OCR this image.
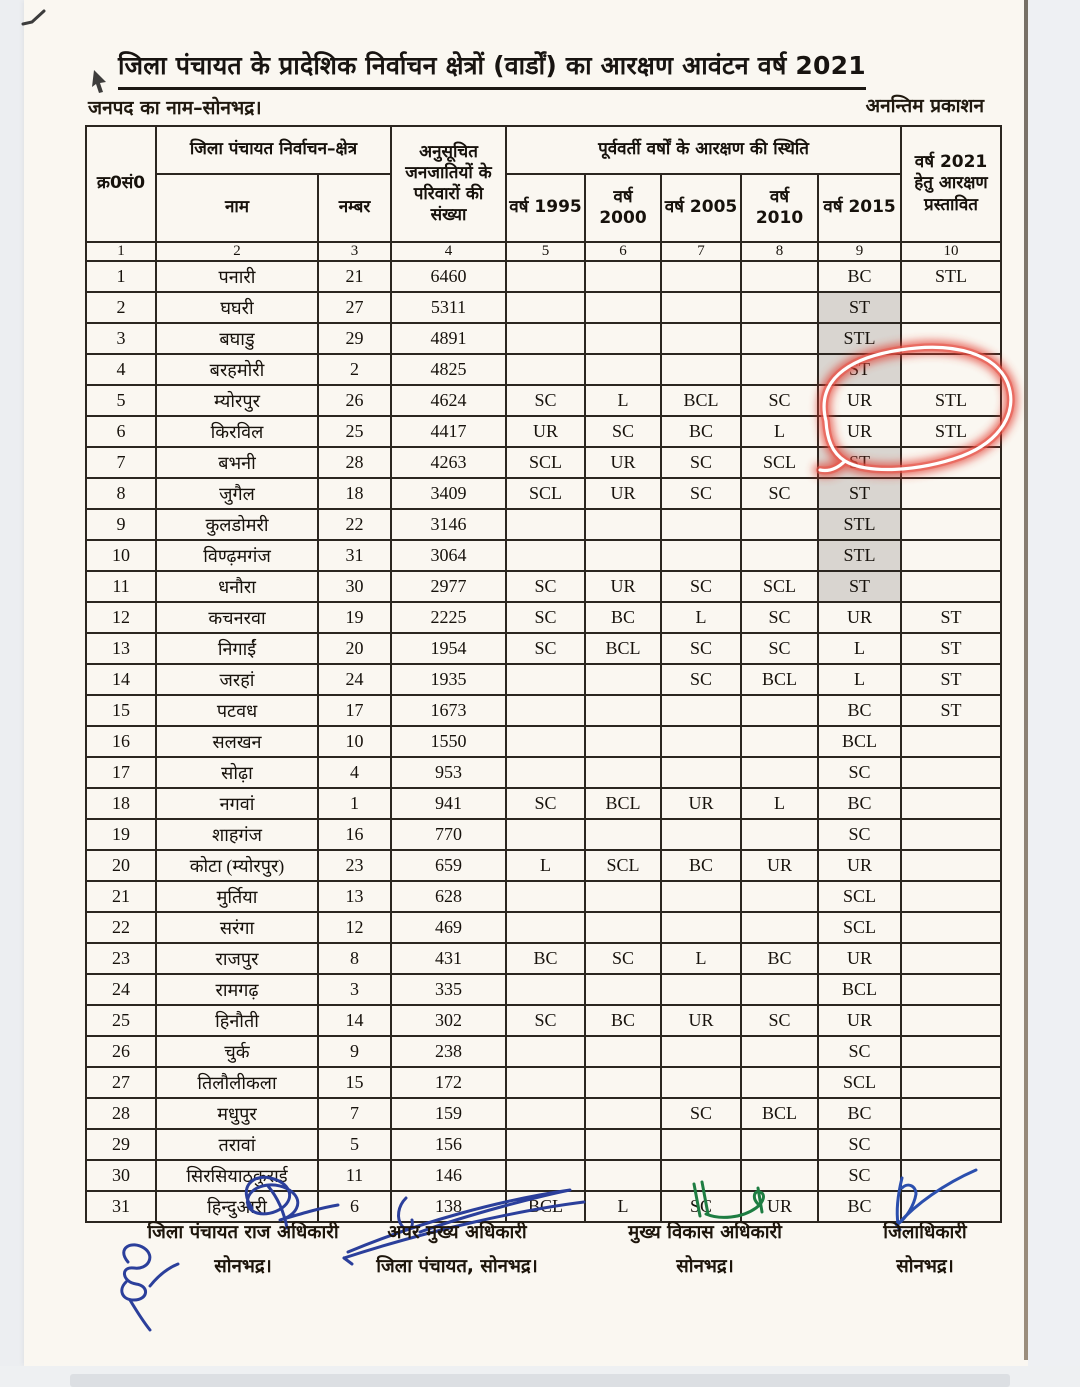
जिला पंचायत के प्रादेशिक निर्वाचन क्षेत्रों (वार्डों) का आरक्षण आवंटन वर्ष 2021
जनपद का नाम–सोनभद्र।	अनन्तिम प्रकाशन
क्र0सं0	जिला पंचायत निर्वाचन–क्षेत्र		अनुसूचित जनजातियों के परिवारों की संख्या	पूर्ववर्ती वर्षों के आरक्षण की स्थिति					वर्ष 2021 हेतु आरक्षण प्रस्तावित
	नाम	नम्बर		वर्ष 1995	वर्ष 2000	वर्ष 2005	वर्ष 2010	वर्ष 2015	
1	2	3	4	5	6	7	8	9	10
1	पनारी	21	6460					BC	STL
2	घघरी	27	5311					ST	
3	बघाडु	29	4891					STL	
4	बरहमोरी	2	4825					ST	
5	म्योरपुर	26	4624	SC	L	BCL	SC	UR	STL
6	किरविल	25	4417	UR	SC	BC	L	UR	STL
7	बभनी	28	4263	SCL	UR	SC	SCL	ST	
8	जुगैल	18	3409	SCL	UR	SC	SC	ST	
9	कुलडोमरी	22	3146					STL	
10	विण्ढ़मगंज	31	3064					STL	
11	धनौरा	30	2977	SC	UR	SC	SCL	ST	
12	कचनरवा	19	2225	SC	BC	L	SC	UR	ST
13	निगाईं	20	1954	SC	BCL	SC	SC	L	ST
14	जरहां	24	1935			SC	BCL	L	ST
15	पटवध	17	1673					BC	ST
16	सलखन	10	1550					BCL	
17	सोढ़ा	4	953					SC	
18	नगवां	1	941	SC	BCL	UR	L	BC	
19	शाहगंज	16	770					SC	
20	कोटा (म्योरपुर)	23	659	L	SCL	BC	UR	UR	
21	मुर्तिया	13	628					SCL	
22	सरंगा	12	469					SCL	
23	राजपुर	8	431	BC	SC	L	BC	UR	
24	रामगढ़	3	335					BCL	
25	हिनौती	14	302	SC	BC	UR	SC	UR	
26	चुर्क	9	238					SC	
27	तिलौलीकला	15	172					SCL	
28	मधुपुर	7	159			SC	BCL	BC	
29	तरावां	5	156					SC	
30	सिरसियाठकुराई	11	146					SC	
31	हिन्दुआरी	6	138	BCL	L	SC	UR	BC	
जिला पंचायत राज अधिकारी
सोनभद्र।
अपर मुख्य अधिकारी
जिला पंचायत, सोनभद्र।
मुख्य विकास अधिकारी
सोनभद्र।
जिलाधिकारी
सोनभद्र।
